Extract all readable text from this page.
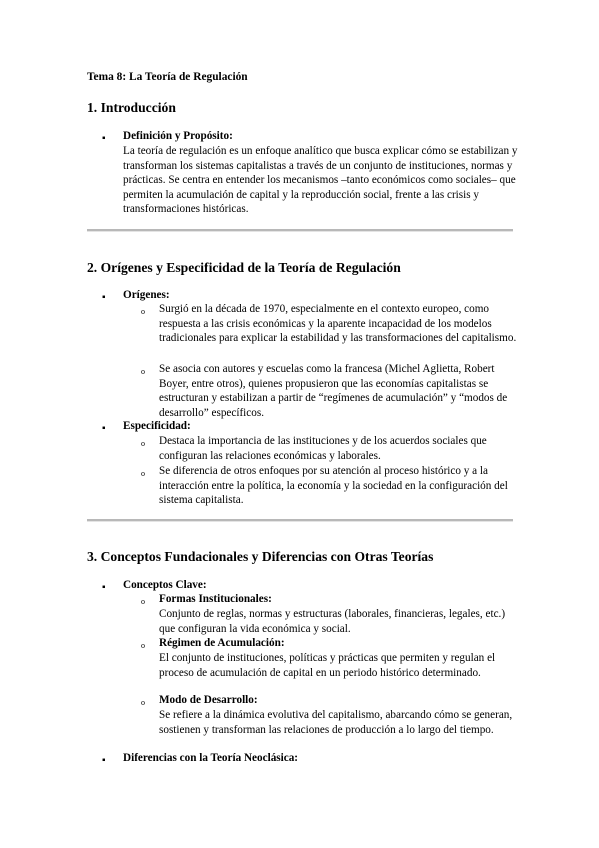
Tema 8: La Teoría de Regulación
1. Introducción
▪ Definición y Propósito:
La teoría de regulación es un enfoque analítico que busca explicar cómo se estabilizan y transforman los sistemas capitalistas a través de un conjunto de instituciones, normas y prácticas. Se centra en entender los mecanismos –tanto económicos como sociales– que permiten la acumulación de capital y la reproducción social, frente a las crisis y transformaciones históricas.
2. Orígenes y Especificidad de la Teoría de Regulación
▪ Orígenes:
o Surgió en la década de 1970, especialmente en el contexto europeo, como respuesta a las crisis económicas y la aparente incapacidad de los modelos tradicionales para explicar la estabilidad y las transformaciones del capitalismo.
o Se asocia con autores y escuelas como la francesa (Michel Aglietta, Robert Boyer, entre otros), quienes propusieron que las economías capitalistas se estructuran y estabilizan a partir de “regímenes de acumulación” y “modos de desarrollo” específicos.
▪ Especificidad:
o Destaca la importancia de las instituciones y de los acuerdos sociales que configuran las relaciones económicas y laborales.
o Se diferencia de otros enfoques por su atención al proceso histórico y a la interacción entre la política, la economía y la sociedad en la configuración del sistema capitalista.
3. Conceptos Fundacionales y Diferencias con Otras Teorías
▪ Conceptos Clave:
o Formas Institucionales:
Conjunto de reglas, normas y estructuras (laborales, financieras, legales, etc.) que configuran la vida económica y social.
o Régimen de Acumulación:
El conjunto de instituciones, políticas y prácticas que permiten y regulan el proceso de acumulación de capital en un periodo histórico determinado.
o Modo de Desarrollo:
Se refiere a la dinámica evolutiva del capitalismo, abarcando cómo se generan, sostienen y transforman las relaciones de producción a lo largo del tiempo.
▪ Diferencias con la Teoría Neoclásica:
